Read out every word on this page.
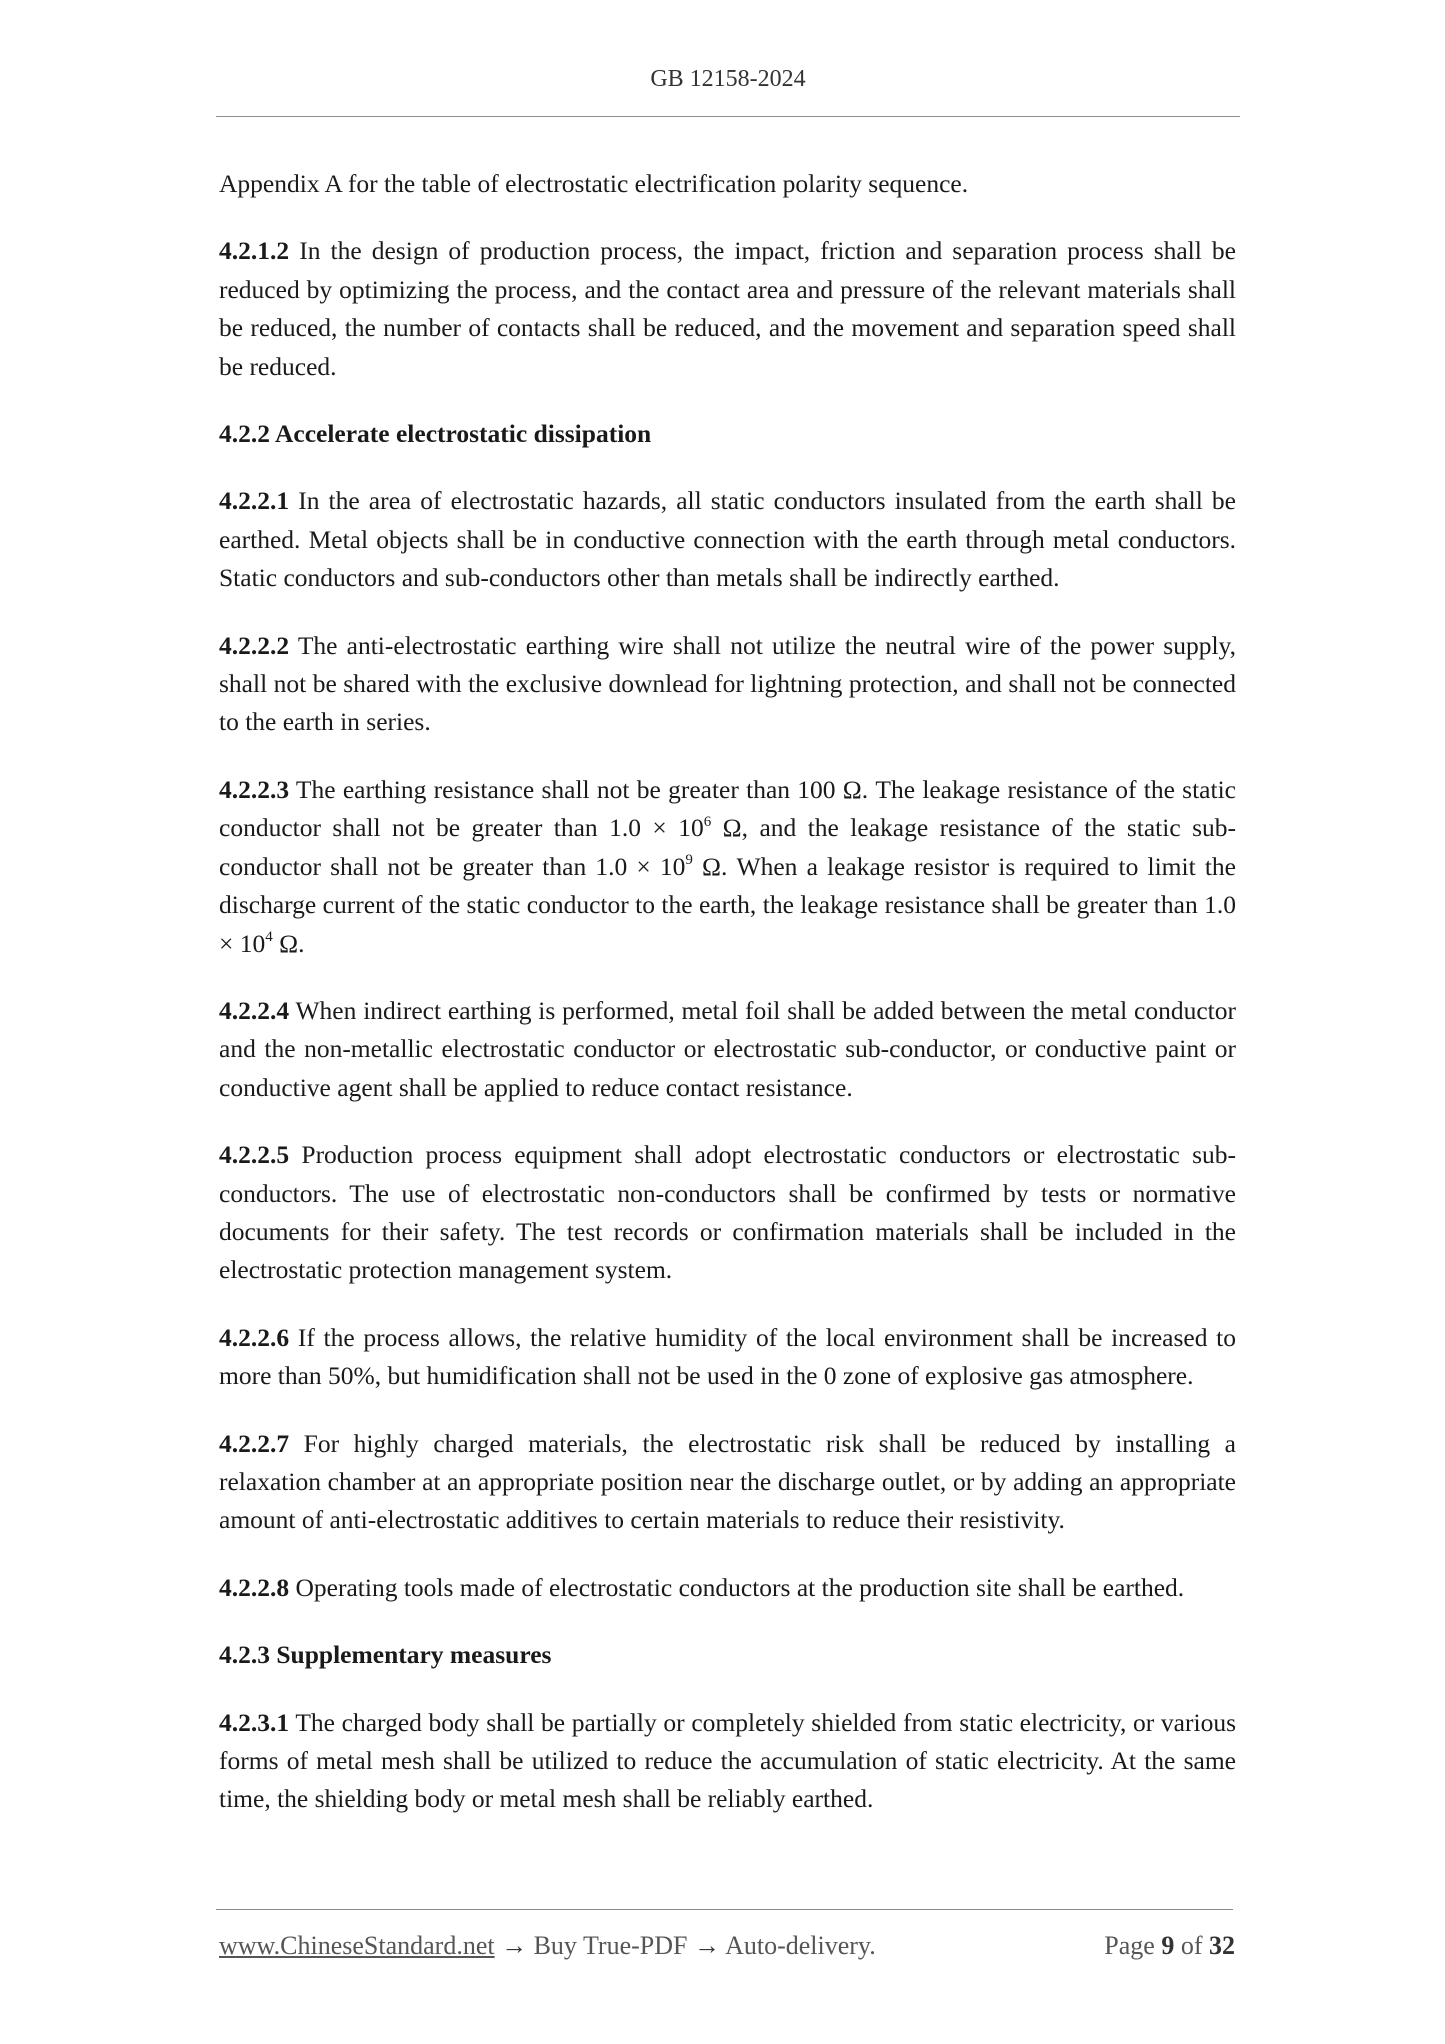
GB 12158-2024

Appendix A for the table of electrostatic electrification polarity sequence.

4.2.1.2 In the design of production process, the impact, friction and separation process shall be reduced by optimizing the process, and the contact area and pressure of the relevant materials shall be reduced, the number of contacts shall be reduced, and the movement and separation speed shall be reduced.

4.2.2 Accelerate electrostatic dissipation

4.2.2.1 In the area of electrostatic hazards, all static conductors insulated from the earth shall be earthed. Metal objects shall be in conductive connection with the earth through metal conductors. Static conductors and sub-conductors other than metals shall be indirectly earthed.

4.2.2.2 The anti-electrostatic earthing wire shall not utilize the neutral wire of the power supply, shall not be shared with the exclusive downlead for lightning protection, and shall not be connected to the earth in series.

4.2.2.3 The earthing resistance shall not be greater than 100 Ω. The leakage resistance of the static conductor shall not be greater than $1.0 \times 10^6$ Ω, and the leakage resistance of the static sub-conductor shall not be greater than $1.0 \times 10^9$ Ω. When a leakage resistor is required to limit the discharge current of the static conductor to the earth, the leakage resistance shall be greater than $1.0 \times 10^4$ Ω.

4.2.2.4 When indirect earthing is performed, metal foil shall be added between the metal conductor and the non-metallic electrostatic conductor or electrostatic sub-conductor, or conductive paint or conductive agent shall be applied to reduce contact resistance.

4.2.2.5 Production process equipment shall adopt electrostatic conductors or electrostatic sub-conductors. The use of electrostatic non-conductors shall be confirmed by tests or normative documents for their safety. The test records or confirmation materials shall be included in the electrostatic protection management system.

4.2.2.6 If the process allows, the relative humidity of the local environment shall be increased to more than 50%, but humidification shall not be used in the 0 zone of explosive gas atmosphere.

4.2.2.7 For highly charged materials, the electrostatic risk shall be reduced by installing a relaxation chamber at an appropriate position near the discharge outlet, or by adding an appropriate amount of anti-electrostatic additives to certain materials to reduce their resistivity.

4.2.2.8 Operating tools made of electrostatic conductors at the production site shall be earthed.

4.2.3 Supplementary measures

4.2.3.1 The charged body shall be partially or completely shielded from static electricity, or various forms of metal mesh shall be utilized to reduce the accumulation of static electricity. At the same time, the shielding body or metal mesh shall be reliably earthed.

www.ChineseStandard.net → Buy True-PDF → Auto-delivery.	Page 9 of 32
